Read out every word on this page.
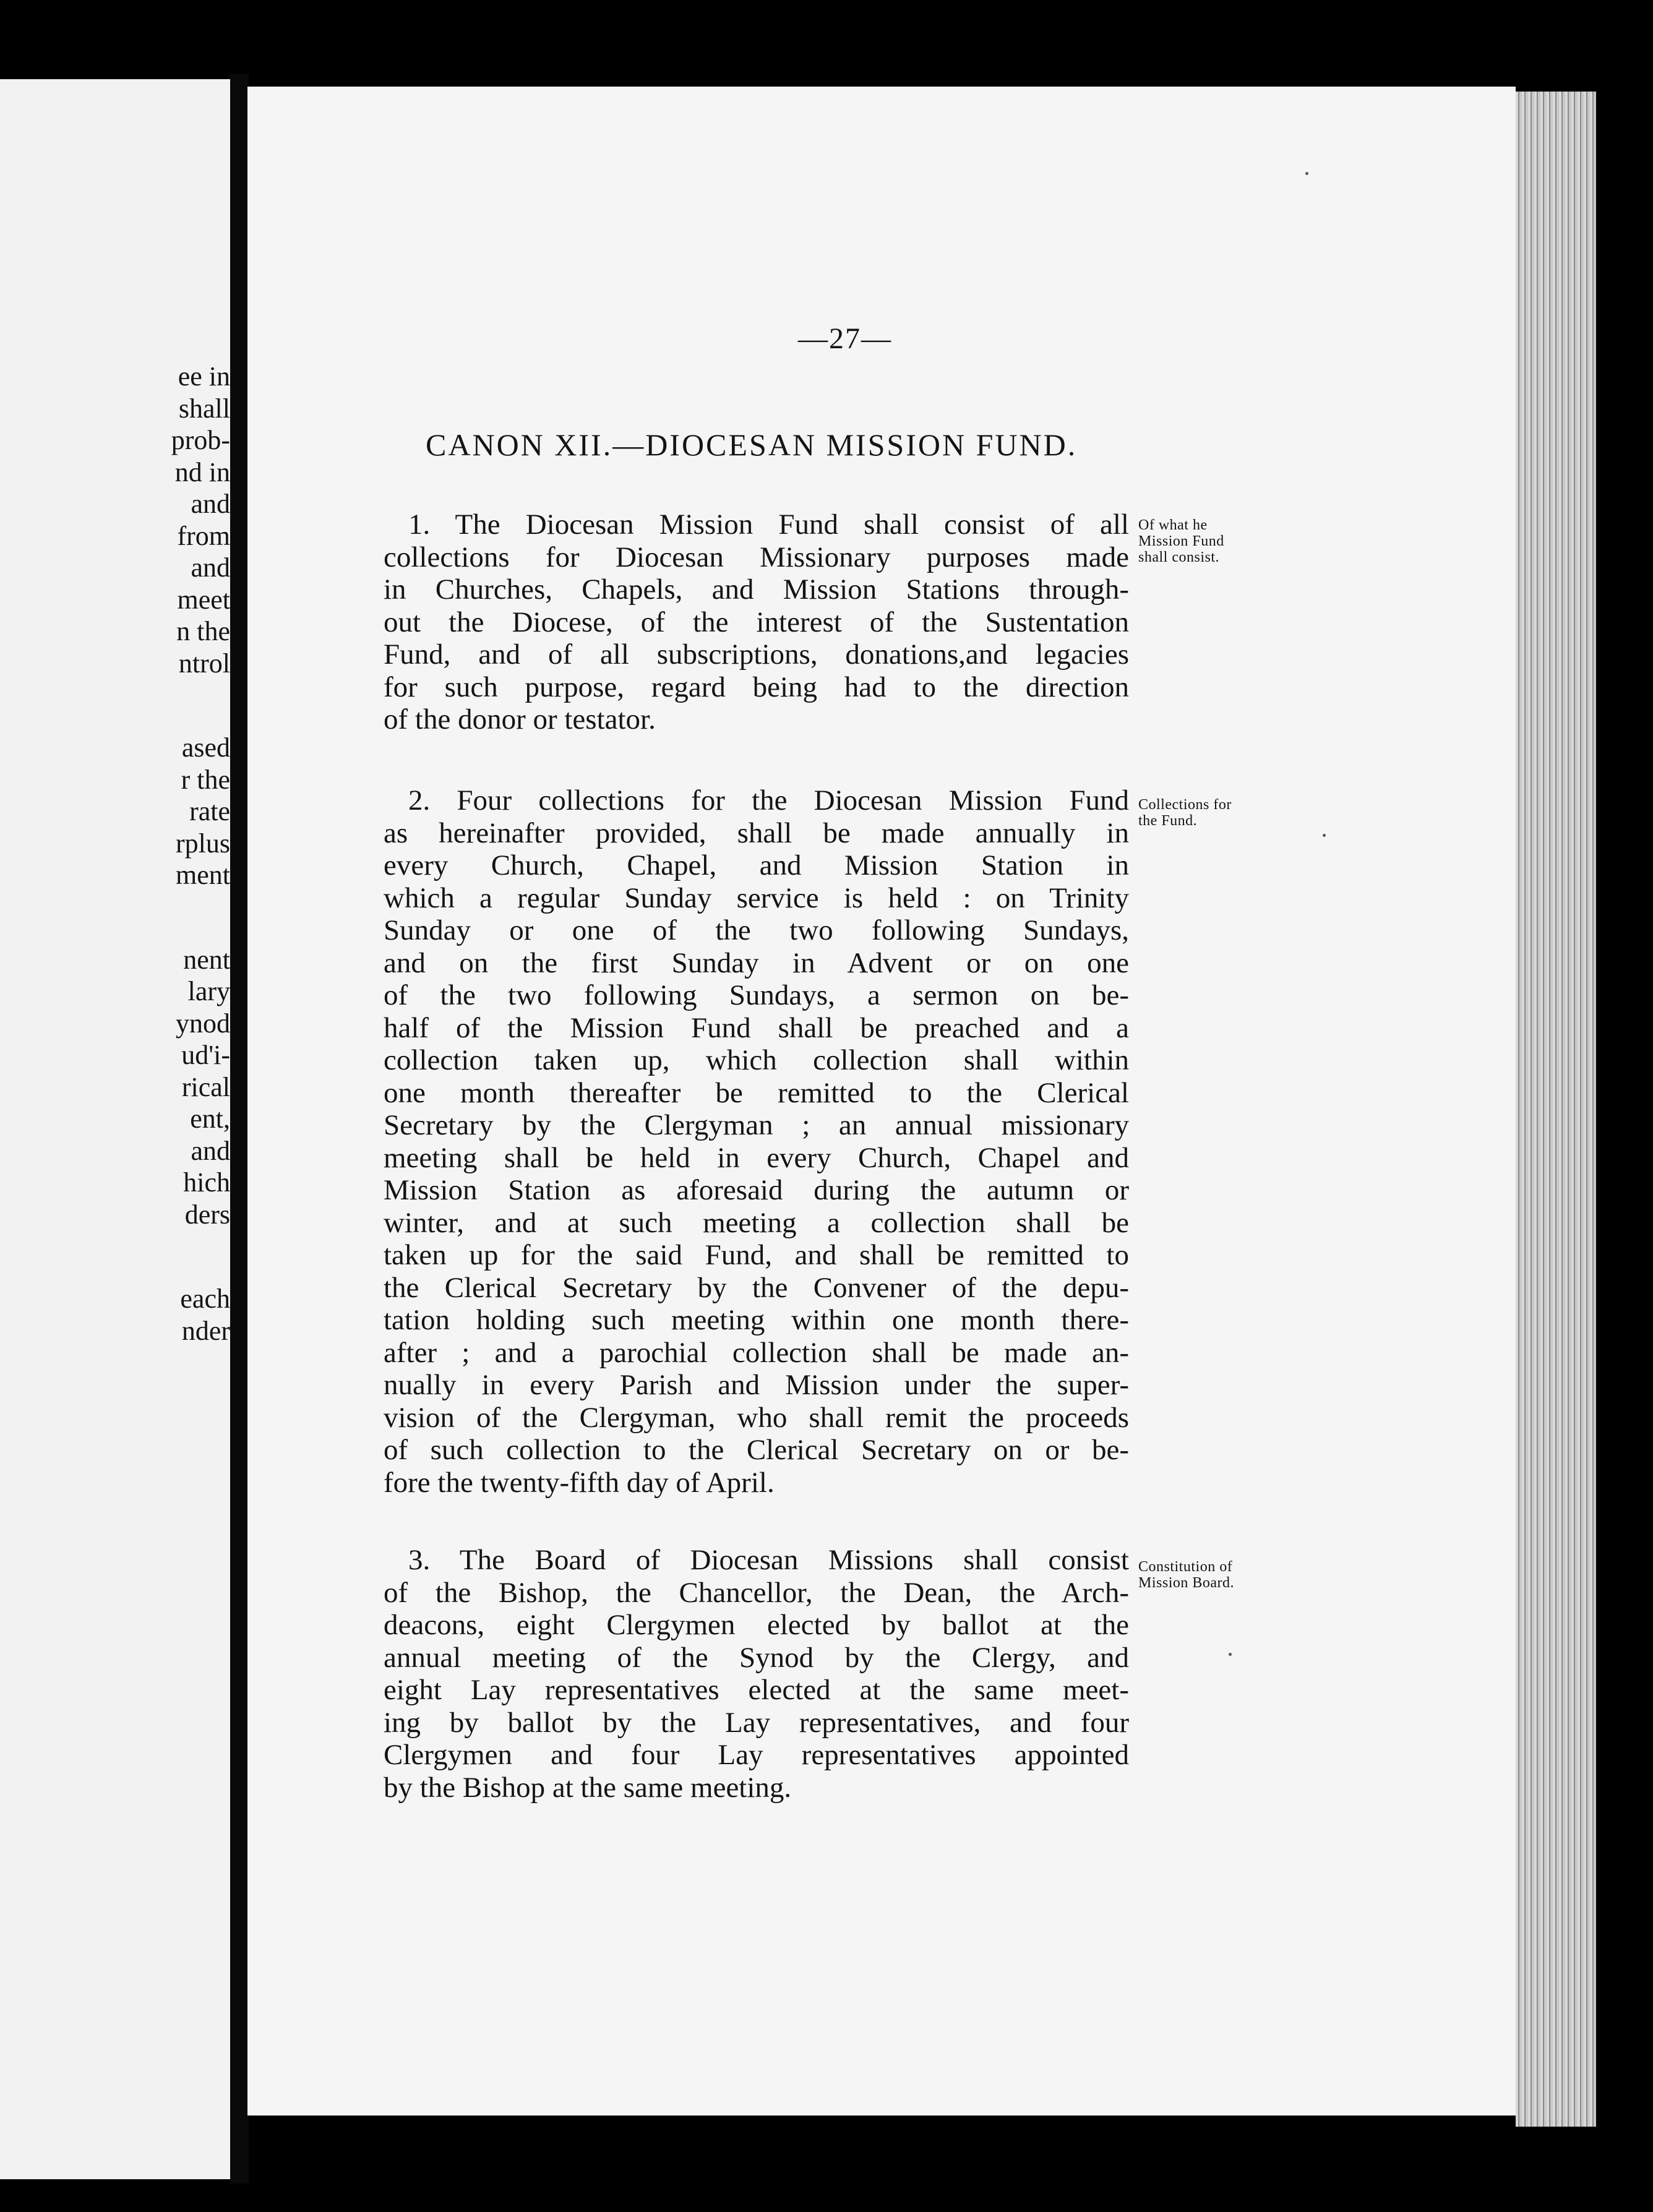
ee in
shall
prob-
nd in
and
from
and
meet
n the
ntrol
ased
r the
rate
rplus
ment
nent
lary
ynod
ud'i-
rical
ent,
and
hich
ders
each
nder
—27—
CANON XII.—DIOCESAN MISSION FUND.
1. The Diocesan Mission Fund shall consist of all
collections for Diocesan Missionary purposes made
in Churches, Chapels, and Mission Stations through-
out the Diocese, of the interest of the Sustentation
Fund, and of all subscriptions, donations,and legacies
for such purpose, regard being had to the direction
of the donor or testator.
Of what he
Mission Fund
shall consist.
2. Four collections for the Diocesan Mission Fund
as hereinafter provided, shall be made annually in
every Church, Chapel, and Mission Station in
which a regular Sunday service is held : on Trinity
Sunday or one of the two following Sundays,
and on the first Sunday in Advent or on one
of the two following Sundays, a sermon on be-
half of the Mission Fund shall be preached and a
collection taken up, which collection shall within
one month thereafter be remitted to the Clerical
Secretary by the Clergyman ; an annual missionary
meeting shall be held in every Church, Chapel and
Mission Station as aforesaid during the autumn or
winter, and at such meeting a collection shall be
taken up for the said Fund, and shall be remitted to
the Clerical Secretary by the Convener of the depu-
tation holding such meeting within one month there-
after ; and a parochial collection shall be made an-
nually in every Parish and Mission under the super-
vision of the Clergyman, who shall remit the proceeds
of such collection to the Clerical Secretary on or be-
fore the twenty-fifth day of April.
Collections for
the Fund.
3. The Board of Diocesan Missions shall consist
of the Bishop, the Chancellor, the Dean, the Arch-
deacons, eight Clergymen elected by ballot at the
annual meeting of the Synod by the Clergy, and
eight Lay representatives elected at the same meet-
ing by ballot by the Lay representatives, and four
Clergymen and four Lay representatives appointed
by the Bishop at the same meeting.
Constitution of
Mission Board.
